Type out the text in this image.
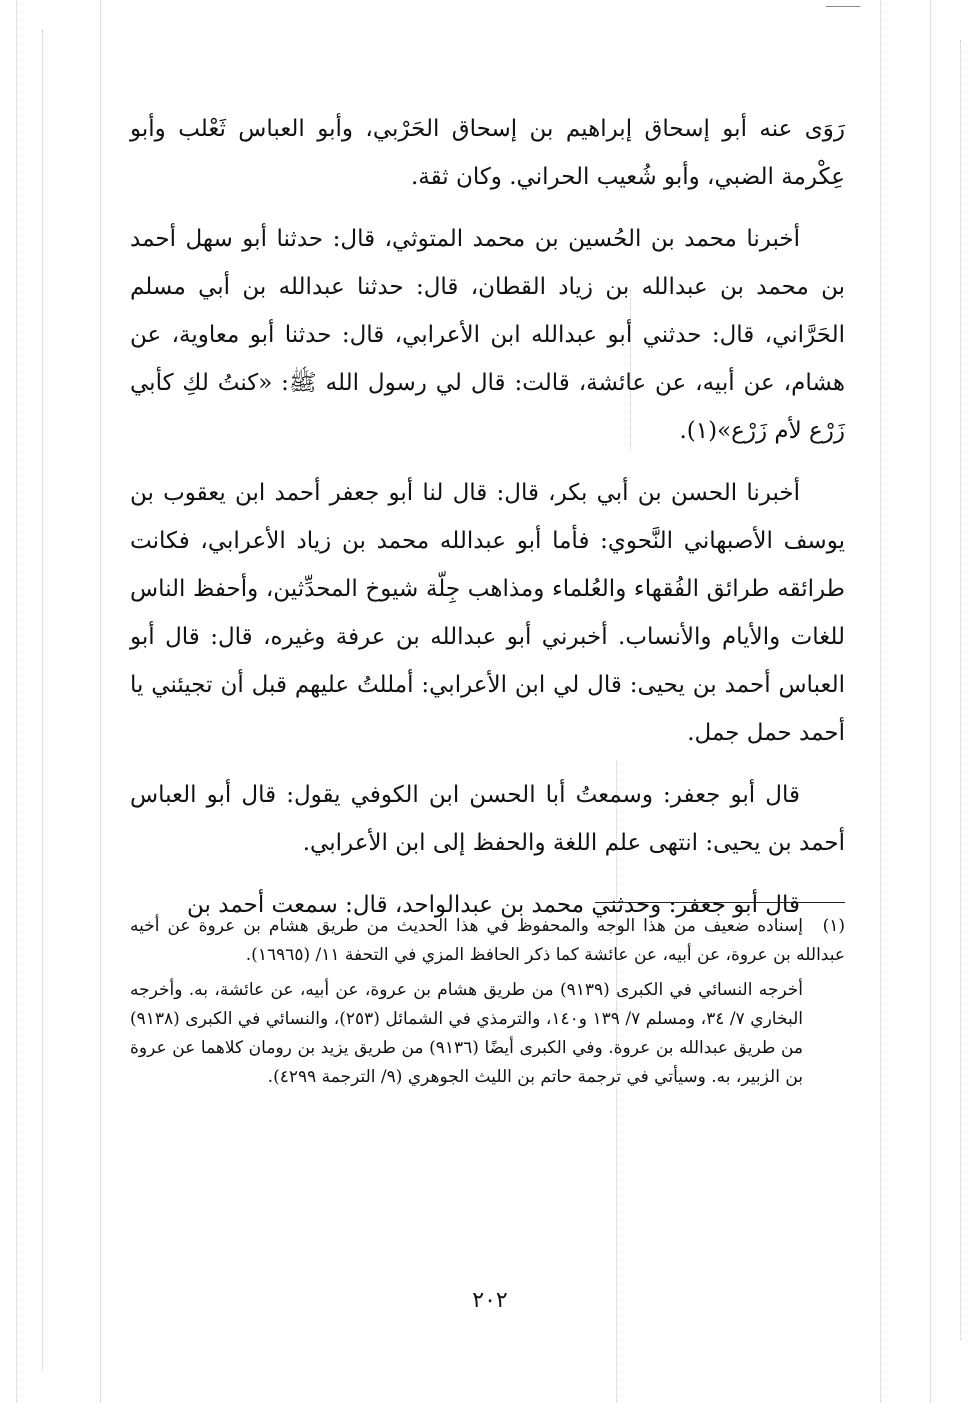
رَوَى عنه أبو إسحاق إبراهيم بن إسحاق الحَرْبي، وأبو العباس ثَعْلب وأبو عِكْرمة الضبي، وأبو شُعيب الحراني. وكان ثقة.

أخبرنا محمد بن الحُسين بن محمد المتوثي، قال: حدثنا أبو سهل أحمد بن محمد بن عبدالله بن زياد القطان، قال: حدثنا عبدالله بن أبي مسلم الحَرَّاني، قال: حدثني أبو عبدالله ابن الأعرابي، قال: حدثنا أبو معاوية، عن هشام، عن أبيه، عن عائشة، قالت: قال لي رسول الله ﷺ: «كنتُ لكِ كأبي زَرْع لأم زَرْع»(١).

أخبرنا الحسن بن أبي بكر، قال: قال لنا أبو جعفر أحمد ابن يعقوب بن يوسف الأصبهاني النَّحوي: فأما أبو عبدالله محمد بن زياد الأعرابي، فكانت طرائقه طرائق الفُقهاء والعُلماء ومذاهب جِلّة شيوخ المحدِّثين، وأحفظ الناس للغات والأيام والأنساب. أخبرني أبو عبدالله بن عرفة وغيره، قال: قال أبو العباس أحمد بن يحيى: قال لي ابن الأعرابي: أمللتُ عليهم قبل أن تجيئني يا أحمد حمل جمل.

قال أبو جعفر: وسمعتُ أبا الحسن ابن الكوفي يقول: قال أبو العباس أحمد بن يحيى: انتهى علم اللغة والحفظ إلى ابن الأعرابي.

قال أبو جعفر: وحدثني محمد بن عبدالواحد، قال: سمعت أحمد بن

(١)إسناده ضعيف من هذا الوجه والمحفوظ في هذا الحديث من طريق هشام بن عروة عن أخيه عبدالله بن عروة، عن أبيه، عن عائشة كما ذكر الحافظ المزي في التحفة ١١/ (١٦٩٦٥).

أخرجه النسائي في الكبرى (٩١٣٩) من طريق هشام بن عروة، عن أبيه، عن عائشة، به. وأخرجه البخاري ٧/ ٣٤، ومسلم ٧/ ١٣٩ و١٤٠، والترمذي في الشمائل (٢٥٣)، والنسائي في الكبرى (٩١٣٨) من طريق عبدالله بن عروة. وفي الكبرى أيضًا (٩١٣٦) من طريق يزيد بن رومان كلاهما عن عروة بن الزبير، به. وسيأتي في ترجمة حاتم بن الليث الجوهري (٩/ الترجمة ٤٢٩٩).

٢٠٢
